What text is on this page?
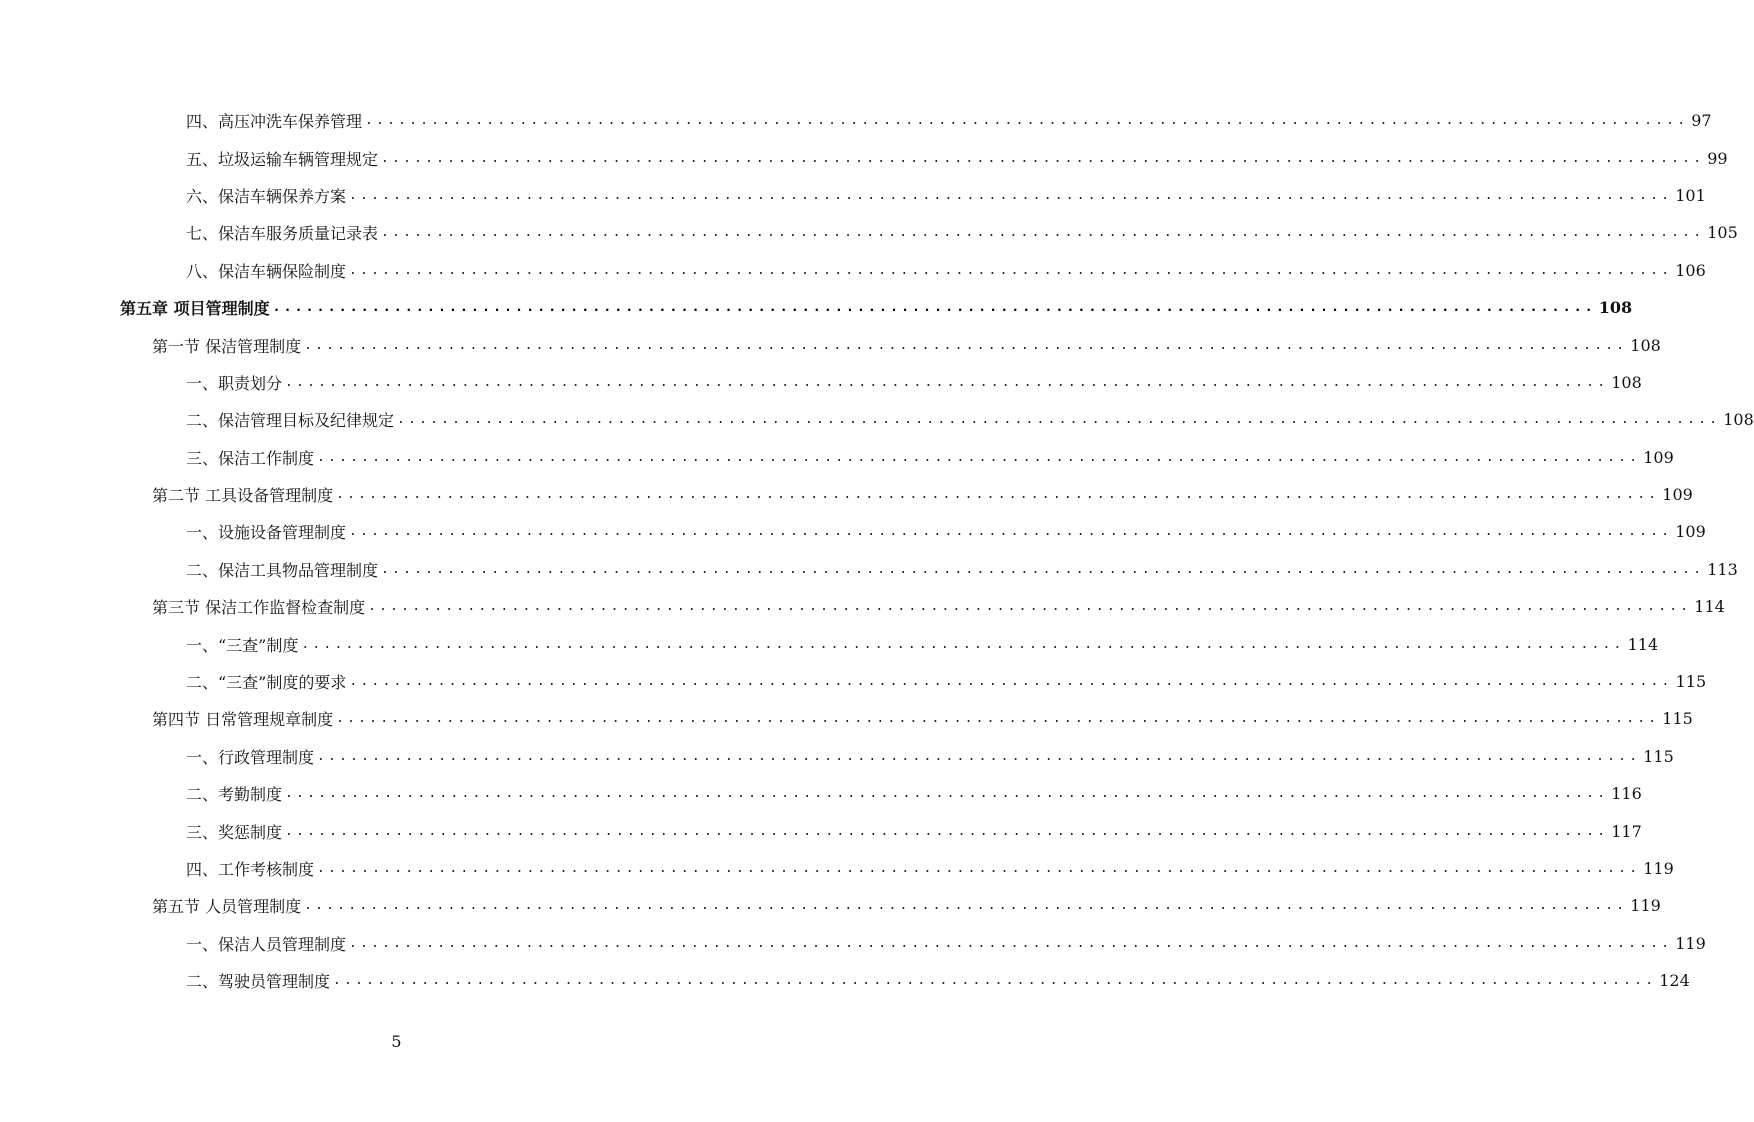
四、高压冲洗车保养管理 ........................................................................................................................ 97
五、垃圾运输车辆管理规定 ........................................................................................................................ 99
六、保洁车辆保养方案 ........................................................................................................................ 101
七、保洁车服务质量记录表 ........................................................................................................................ 105
八、保洁车辆保险制度 ........................................................................................................................ 106
第五章 项目管理制度 ........................................................................................................................ 108
第一节 保洁管理制度 ........................................................................................................................ 108
一、职责划分 ........................................................................................................................ 108
二、保洁管理目标及纪律规定 ........................................................................................................................ 108
三、保洁工作制度 ........................................................................................................................ 109
第二节 工具设备管理制度 ........................................................................................................................ 109
一、设施设备管理制度 ........................................................................................................................ 109
二、保洁工具物品管理制度 ........................................................................................................................ 113
第三节 保洁工作监督检查制度 ........................................................................................................................ 114
一、“三查”制度 ........................................................................................................................ 114
二、“三查”制度的要求 ........................................................................................................................ 115
第四节 日常管理规章制度 ........................................................................................................................ 115
一、行政管理制度 ........................................................................................................................ 115
二、考勤制度 ........................................................................................................................ 116
三、奖惩制度 ........................................................................................................................ 117
四、工作考核制度 ........................................................................................................................ 119
第五节 人员管理制度 ........................................................................................................................ 119
一、保洁人员管理制度 ........................................................................................................................ 119
二、驾驶员管理制度 ........................................................................................................................ 124
5
